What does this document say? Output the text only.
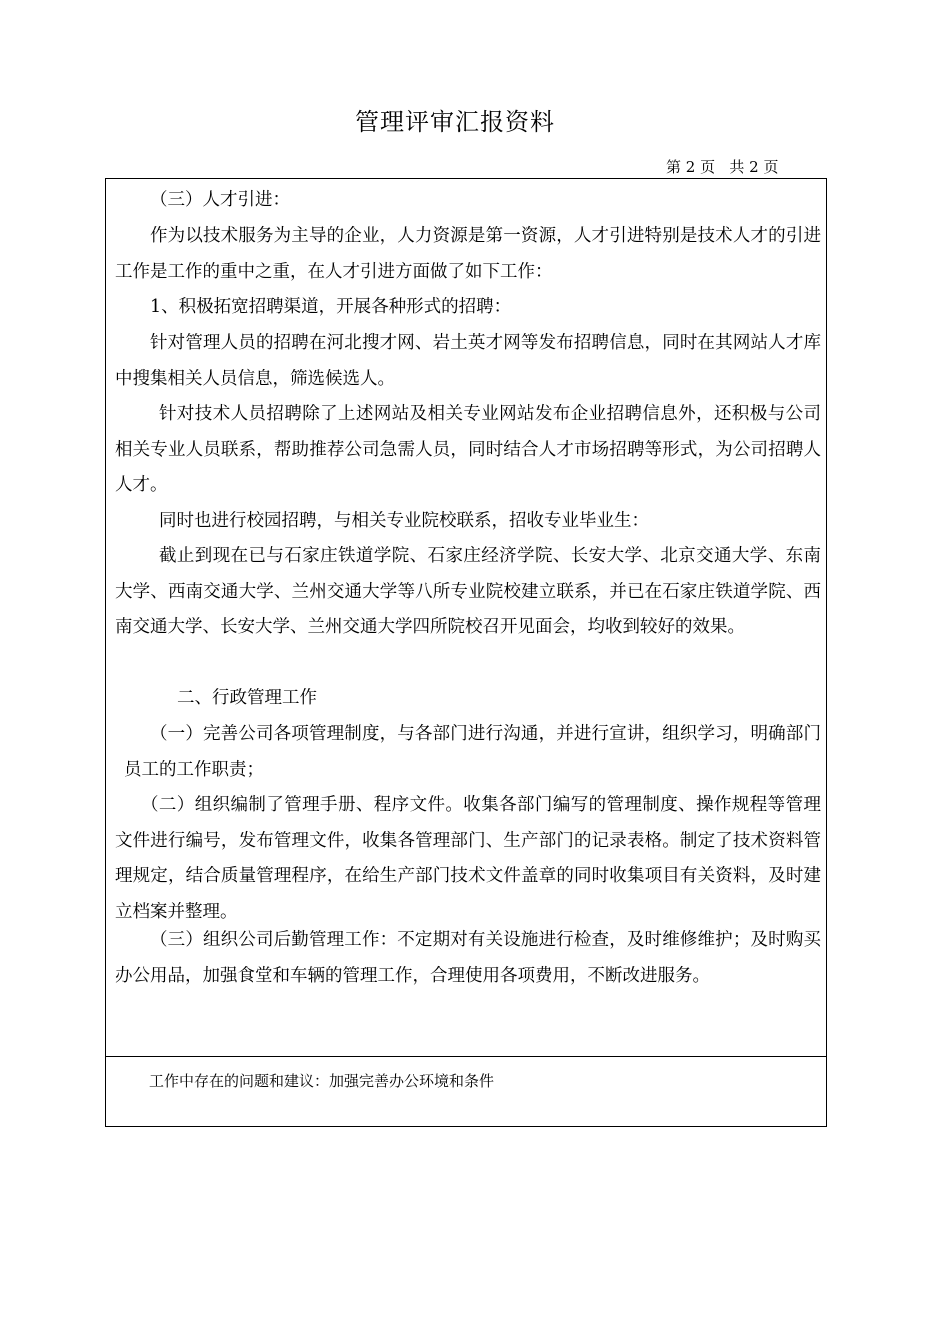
管理评审汇报资料
第 2 页   共 2 页

（三）人才引进：

作为以技术服务为主导的企业，人力资源是第一资源，人才引进特别是技术人才的引进工作是工作的重中之重，在人才引进方面做了如下工作：

1、积极拓宽招聘渠道，开展各种形式的招聘：

针对管理人员的招聘在河北搜才网、岩土英才网等发布招聘信息，同时在其网站人才库中搜集相关人员信息，筛选候选人。

针对技术人员招聘除了上述网站及相关专业网站发布企业招聘信息外，还积极与公司相关专业人员联系，帮助推荐公司急需人员，同时结合人才市场招聘等形式，为公司招聘人人才。

同时也进行校园招聘，与相关专业院校联系，招收专业毕业生：

截止到现在已与石家庄铁道学院、石家庄经济学院、长安大学、北京交通大学、东南大学、西南交通大学、兰州交通大学等八所专业院校建立联系，并已在石家庄铁道学院、西南交通大学、长安大学、兰州交通大学四所院校召开见面会，均收到较好的效果。

二、行政管理工作

（一）完善公司各项管理制度，与各部门进行沟通，并进行宣讲，组织学习，明确部门员工的工作职责；

（二）组织编制了管理手册、程序文件。收集各部门编写的管理制度、操作规程等管理文件进行编号，发布管理文件，收集各管理部门、生产部门的记录表格。制定了技术资料管理规定，结合质量管理程序，在给生产部门技术文件盖章的同时收集项目有关资料，及时建立档案并整理。

（三）组织公司后勤管理工作：不定期对有关设施进行检查，及时维修维护；及时购买办公用品，加强食堂和车辆的管理工作，合理使用各项费用，不断改进服务。

工作中存在的问题和建议：加强完善办公环境和条件
